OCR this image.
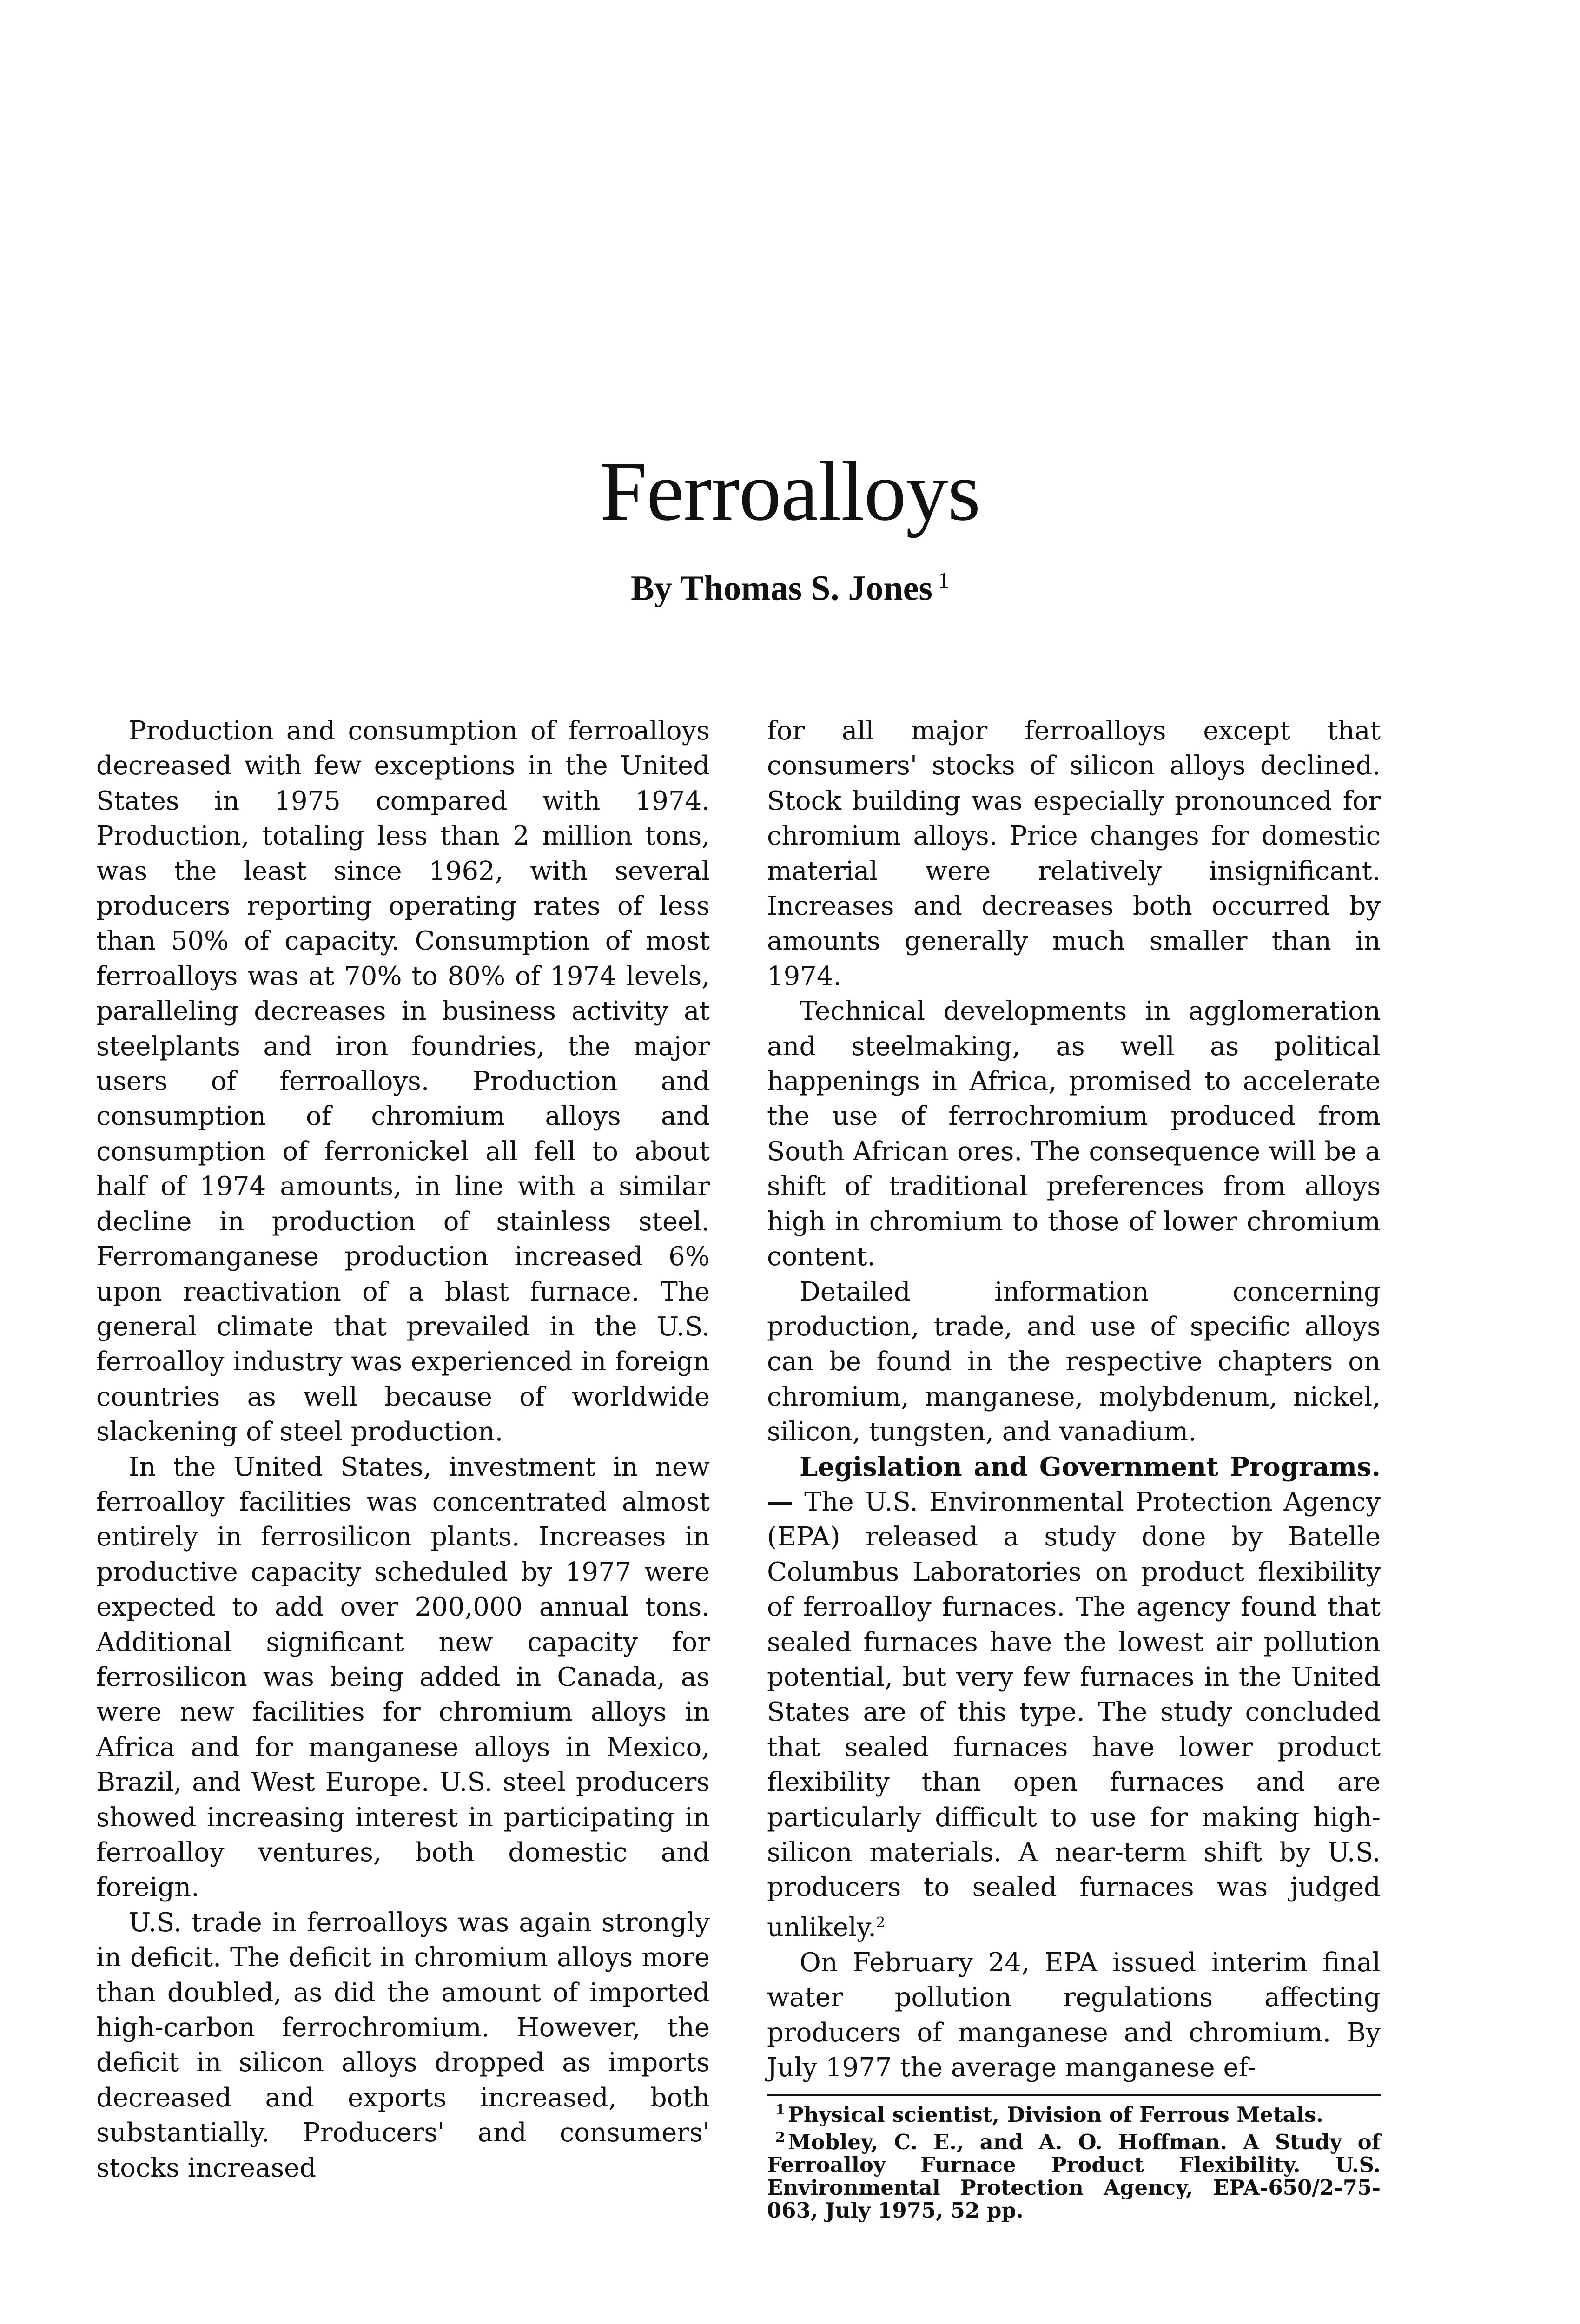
Ferroalloys
By Thomas S. Jones $^1$

Production and consumption of ferroalloys decreased with few exceptions in the United States in 1975 compared with 1974. Production, totaling less than 2 million tons, was the least since 1962, with several producers reporting operating rates of less than 50% of capacity. Consumption of most ferroalloys was at 70% to 80% of 1974 levels, paralleling decreases in business activity at steelplants and iron foundries, the major users of ferroalloys. Production and consumption of chromium alloys and consumption of ferronickel all fell to about half of 1974 amounts, in line with a similar decline in production of stainless steel. Ferromanganese production increased 6% upon reactivation of a blast furnace. The general climate that prevailed in the U.S. ferroalloy industry was experienced in foreign countries as well because of worldwide slackening of steel production.

In the United States, investment in new ferroalloy facilities was concentrated almost entirely in ferrosilicon plants. Increases in productive capacity scheduled by 1977 were expected to add over 200,000 annual tons. Additional significant new capacity for ferrosilicon was being added in Canada, as were new facilities for chromium alloys in Africa and for manganese alloys in Mexico, Brazil, and West Europe. U.S. steel producers showed increasing interest in participating in ferroalloy ventures, both domestic and foreign.

U.S. trade in ferroalloys was again strongly in deficit. The deficit in chromium alloys more than doubled, as did the amount of imported high-carbon ferrochromium. However, the deficit in silicon alloys dropped as imports decreased and exports increased, both substantially. Producers' and consumers' stocks increased

for all major ferroalloys except that consumers' stocks of silicon alloys declined. Stock building was especially pronounced for chromium alloys. Price changes for domestic material were relatively insignificant. Increases and decreases both occurred by amounts generally much smaller than in 1974.

Technical developments in agglomeration and steelmaking, as well as political happenings in Africa, promised to accelerate the use of ferrochromium produced from South African ores. The consequence will be a shift of traditional preferences from alloys high in chromium to those of lower chromium content.

Detailed information concerning production, trade, and use of specific alloys can be found in the respective chapters on chromium, manganese, molybdenum, nickel, silicon, tungsten, and vanadium.

Legislation and Government Programs.— The U.S. Environmental Protection Agency (EPA) released a study done by Batelle Columbus Laboratories on product flexibility of ferroalloy furnaces. The agency found that sealed furnaces have the lowest air pollution potential, but very few furnaces in the United States are of this type. The study concluded that sealed furnaces have lower product flexibility than open furnaces and are particularly difficult to use for making high-silicon materials. A near-term shift by U.S. producers to sealed furnaces was judged unlikely.$^2$

On February 24, EPA issued interim final water pollution regulations affecting producers of manganese and chromium. By July 1977 the average manganese ef-

$^1$ Physical scientist, Division of Ferrous Metals.

$^2$ Mobley, C. E., and A. O. Hoffman. A Study of Ferroalloy Furnace Product Flexibility. U.S. Environmental Protection Agency, EPA-650/2-75-063, July 1975, 52 pp.
